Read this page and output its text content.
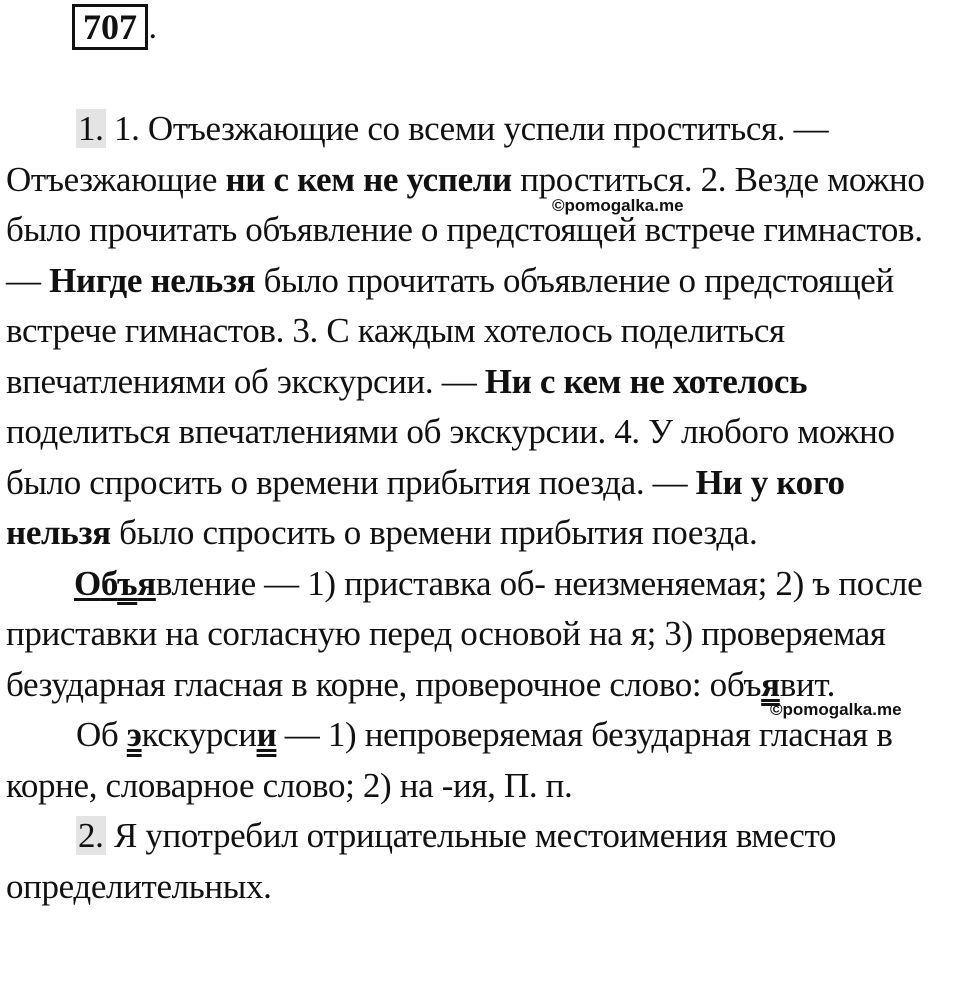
707 .

1. 1. Отъезжающие со всеми успели проститься. — Отъезжающие ни с кем не успели проститься. 2. Везде можно было прочитать объявление о предстоящей встрече гимнастов. — Нигде нельзя было прочитать объявление о предстоящей встрече гимнастов. 3. С каждым хотелось поделиться впечатлениями об экскурсии. — Ни с кем не хотелось поделиться впечатлениями об экскурсии. 4. У любого можно было спросить о времени прибытия поезда. — Ни у кого нельзя было спросить о времени прибытия поезда.

Объявление — 1) приставка об- неизменяемая; 2) ъ после приставки на согласную перед основой на я; 3) проверяемая безударная гласная в корне, проверочное слово: объявит.

Об экскурсии — 1) непроверяемая безударная гласная в корне, словарное слово; 2) на -ия, П. п.

2. Я употребил отрицательные местоимения вместо определительных.

©pomogalka.me
©pomogalka.me
